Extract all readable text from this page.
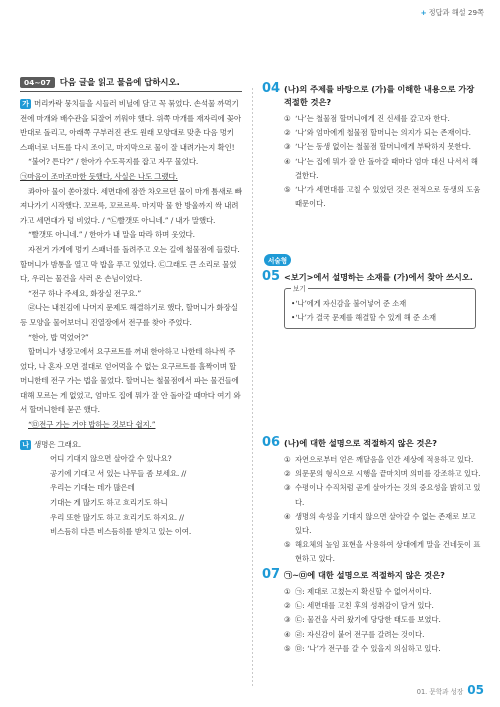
+ 정답과 해설 29쪽
04~07	다음 글을 읽고 물음에 답하시오.

가 머리카락 뭉치들을 시들러 비닐에 담고 꼭 묶었다. 손석물 까먹기 전에 마개와 배수관을 되잘어 끼워야 했다. 위쪽 마개를 재자리에 꽂아 반대로 돌리고, 아래쪽 구부러진 관도 원래 모양대로 맞춘 다음 멍키 스패너로 너트를 다시 조이고, 마지막으로 물이 잘 내려가는지 확인!

“불어? 튼다?” / 한아가 수도꼭지를 잡고 자꾸 물었다.

㉠마음이 조마조마한 듯했다, 사실은 나도 그랬다.

콰아아 물이 쏟아졌다. 세면대에 잠깐 차오르던 물이 마개 틈새로 빠져나가기 시작했다. 꼬르륵, 꼬르르륵. 마지막 물 한 방울까지 싹 내려가고 세면대가 텅 비었다. / “㉡빨갯또 아니네.” / 내가 말했다.

“빨갯또 아니네.” / 한아가 내 말을 따라 하며 웃었다.

자전거 가게에 멍키 스패너를 돌려주고 오는 길에 철물점에 들렀다. 할머니가 밤통을 열고 막 밥을 푸고 있었다. ㉢그래도 큰 소리로 물었다, 우리는 물건을 사러 온 손님이었다.

“전구 하나 주세요, 화장실 전구요.”

㉣나는 내친김에 나머지 문제도 해결하기로 했다, 할머니가 화장실 등 모양을 물어보더니 진열장에서 전구를 찾아 주었다.

“한아, 밥 먹었어?”

할머니가 냉장고에서 요구르트를 꺼내 한아하고 나한테 하나씩 주었다, 나 혼자 오면 절대로 얻어먹을 수 없는 요구르트를 홀짝이며 할머니한테 전구 가는 법을 물었다. 할머니는 철물점에서 파는 물건들에 대해 모르는 게 없었고, 엄마도 집에 뭐가 잘 안 돌아갈 때마다 여기 와서 할머니한테 묻곤 했다.

“㉤전구 가는 거야 밥하는 것보다 쉽지.”

나 생명은 그래요.

어디 기대지 않으면 살아갈 수 있나요?
공기에 기대고 서 있는 나무들 좀 보세요. //
우리는 기대는 데가 많은데
기대는 게 많기도 하고 흐리기도 하니
우리 또한 많기도 하고 흐리기도 하지요. //
비스듬히 다른 비스듬히를 받치고 있는 이여.
04 (나)의 주제를 바탕으로 (가)를 이해한 내용으로 가장 적절한 것은?
① ‘나’는 철물점 할머니에게 진 신세를 갚고자 한다.
② ‘나’와 엄마에게 철물점 할머니는 의지가 되는 존재이다.
③ ‘나’는 동생 없이는 철물점 할머니에게 부탁하지 못한다.
④ ‘나’는 집에 뭐가 잘 안 돌아갈 때마다 엄마 대신 나서서 해결한다.
⑤ ‘나’가 세면대를 고칠 수 있었던 것은 전적으로 동생의 도움 때문이다.
서술형
05 <보기>에서 설명하는 소재를 (가)에서 찾아 쓰시오.
보기
•‘나’에게 자신감을 불어넣어 준 소재
•‘나’가 결국 문제를 해결할 수 있게 해 준 소재
06 (나)에 대한 설명으로 적절하지 않은 것은?
① 자연으로부터 얻은 깨달음을 인간 세상에 적용하고 있다.
② 의문문의 형식으로 시행을 끝마치며 의미를 강조하고 있다.
③ 수평이나 수직처럼 곧게 살아가는 것의 중요성을 밝히고 있다.
④ 생명의 속성을 기대지 않으면 살아갈 수 없는 존재로 보고 있다.
⑤ 해요체의 높임 표현을 사용하여 상대에게 말을 건네듯이 표현하고 있다.
07 ㉠~㉤에 대한 설명으로 적절하지 않은 것은?
① ㉠: 제대로 고쳤는지 확신할 수 없어서이다.
② ㉡: 세면대를 고친 후의 성취감이 담겨 있다.
③ ㉢: 물건을 사러 왔기에 당당한 태도를 보였다.
④ ㉣: 자신감이 붙어 전구를 갈려는 것이다.
⑤ ㉤: ‘나’가 전구를 갈 수 있을지 의심하고 있다.
01. 문학과 성장 05
